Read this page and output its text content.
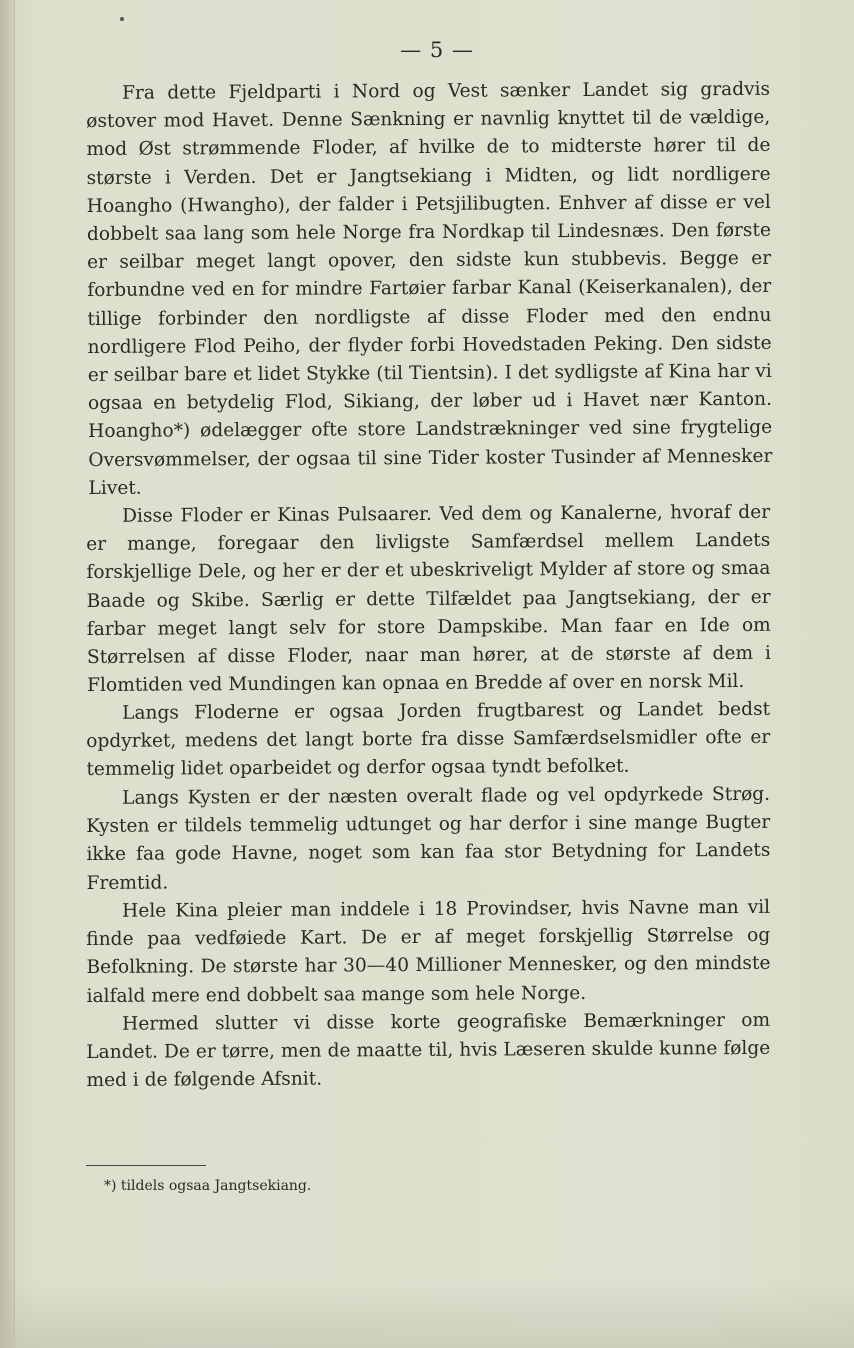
— 5 —

Fra dette Fjeldparti i Nord og Vest sænker Landet sig gradvis østover mod Havet. Denne Sænkning er navnlig knyttet til de vældige, mod Øst strømmende Floder, af hvilke de to midterste hører til de største i Verden. Det er Jangtsekiang i Midten, og lidt nordligere Hoangho (Hwangho), der falder i Petsjilibugten. Enhver af disse er vel dobbelt saa lang som hele Norge fra Nordkap til Lindesnæs. Den første er seilbar meget langt opover, den sidste kun stubbevis. Begge er forbundne ved en for mindre Fartøier farbar Kanal (Keiserkanalen), der tillige forbinder den nordligste af disse Floder med den endnu nordligere Flod Peiho, der flyder forbi Hovedstaden Peking. Den sidste er seilbar bare et lidet Stykke (til Tientsin). I det sydligste af Kina har vi ogsaa en betydelig Flod, Sikiang, der løber ud i Havet nær Kanton. Hoangho*) ødelægger ofte store Landstrækninger ved sine frygtelige Oversvømmelser, der ogsaa til sine Tider koster Tusinder af Mennesker Livet.

Disse Floder er Kinas Pulsaarer. Ved dem og Kanalerne, hvoraf der er mange, foregaar den livligste Samfærdsel mellem Landets forskjellige Dele, og her er der et ubeskriveligt Mylder af store og smaa Baade og Skibe. Særlig er dette Tilfældet paa Jangtsekiang, der er farbar meget langt selv for store Dampskibe. Man faar en Ide om Størrelsen af disse Floder, naar man hører, at de største af dem i Flomtiden ved Mundingen kan opnaa en Bredde af over en norsk Mil.

Langs Floderne er ogsaa Jorden frugtbarest og Landet bedst opdyrket, medens det langt borte fra disse Samfærdselsmidler ofte er temmelig lidet oparbeidet og derfor ogsaa tyndt befolket.

Langs Kysten er der næsten overalt flade og vel opdyrkede Strøg. Kysten er tildels temmelig udtunget og har derfor i sine mange Bugter ikke faa gode Havne, noget som kan faa stor Betydning for Landets Fremtid.

Hele Kina pleier man inddele i 18 Provindser, hvis Navne man vil finde paa vedføiede Kart. De er af meget forskjellig Størrelse og Befolkning. De største har 30—40 Millioner Mennesker, og den mindste ialfald mere end dobbelt saa mange som hele Norge.

Hermed slutter vi disse korte geografiske Bemærkninger om Landet. De er tørre, men de maatte til, hvis Læseren skulde kunne følge med i de følgende Afsnit.

*) tildels ogsaa Jangtsekiang.
